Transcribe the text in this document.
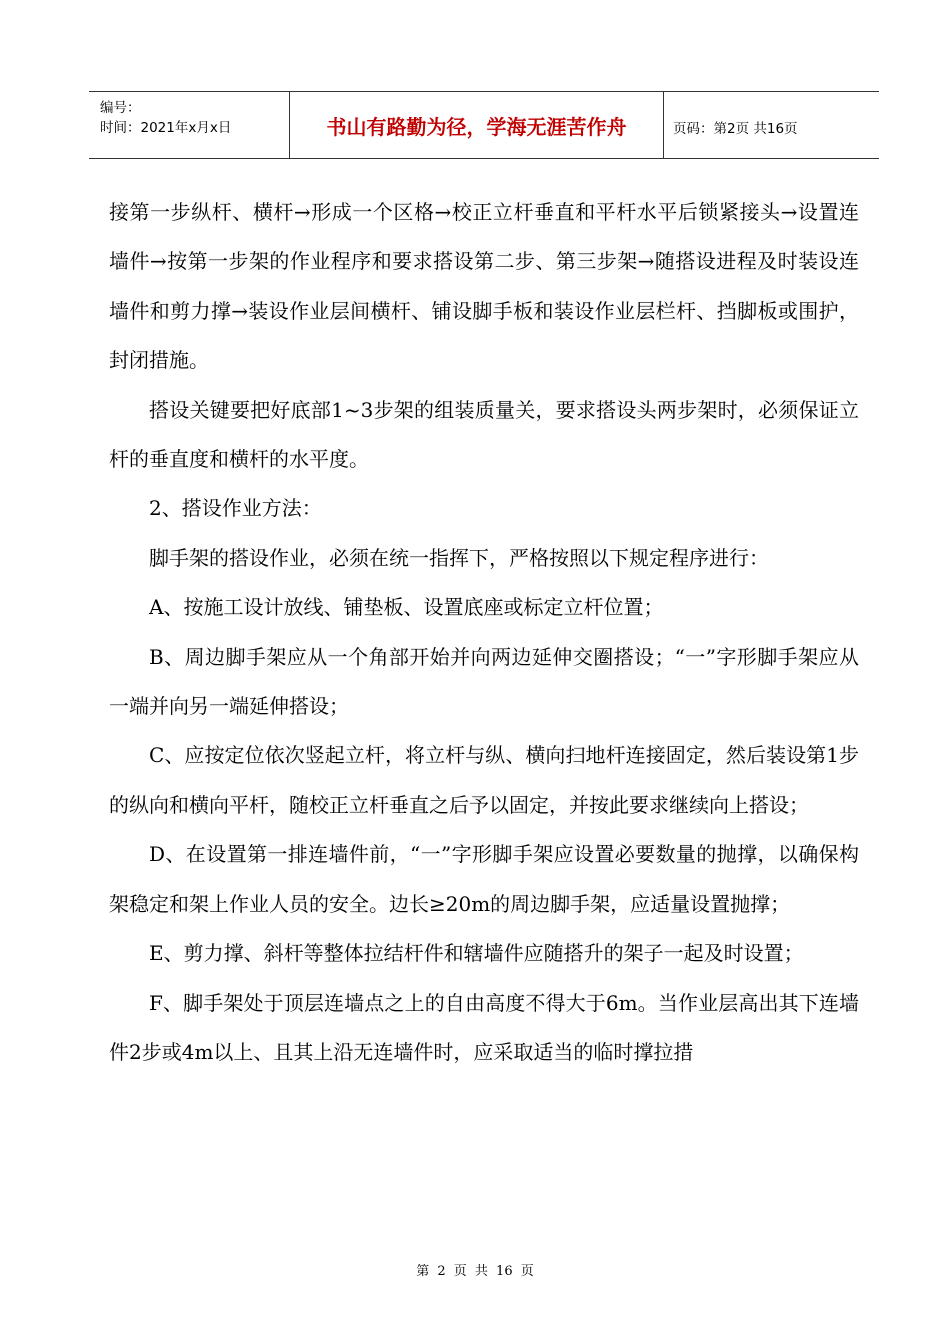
编号：
时间：2021年x月x日	书山有路勤为径，学海无涯苦作舟	页码：第2页 共16页

接第一步纵杆、横杆→形成一个区格→校正立杆垂直和平杆水平后锁紧接头→设置连墙件→按第一步架的作业程序和要求搭设第二步、第三步架→随搭设进程及时装设连墙件和剪力撑→装设作业层间横杆、铺设脚手板和装设作业层栏杆、挡脚板或围护，封闭措施。

搭设关键要把好底部1~3步架的组装质量关，要求搭设头两步架时，必须保证立杆的垂直度和横杆的水平度。

2、搭设作业方法：

脚手架的搭设作业，必须在统一指挥下，严格按照以下规定程序进行：

A、按施工设计放线、铺垫板、设置底座或标定立杆位置；

B、周边脚手架应从一个角部开始并向两边延伸交圈搭设；“一”字形脚手架应从一端并向另一端延伸搭设；

C、应按定位依次竖起立杆，将立杆与纵、横向扫地杆连接固定，然后装设第1步的纵向和横向平杆，随校正立杆垂直之后予以固定，并按此要求继续向上搭设；

D、在设置第一排连墙件前，“一”字形脚手架应设置必要数量的抛撑，以确保构架稳定和架上作业人员的安全。边长≥20m的周边脚手架，应适量设置抛撑；

E、剪力撑、斜杆等整体拉结杆件和辖墙件应随搭升的架子一起及时设置；

F、脚手架处于顶层连墙点之上的自由高度不得大于6m。当作业层高出其下连墙件2步或4m以上、且其上沿无连墙件时，应采取适当的临时撑拉措

第 2 页 共 16 页
